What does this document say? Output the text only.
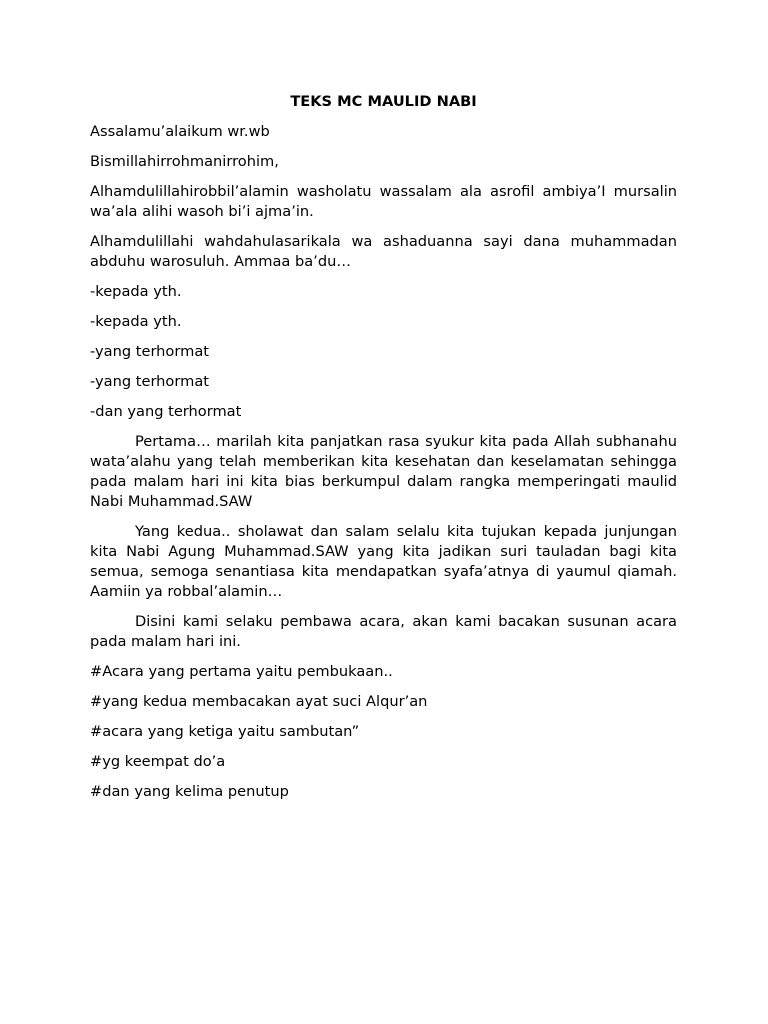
TEKS MC MAULID NABI
Assalamu’alaikum wr.wb
Bismillahirrohmanirrohim,
Alhamdulillahirobbil’alamin washolatu wassalam ala asrofil ambiya’I mursalin wa’ala alihi wasoh bi’i ajma’in.
Alhamdulillahi wahdahulasarikala wa ashaduanna sayi dana muhammadan abduhu warosuluh. Ammaa ba’du…
-kepada yth.
-kepada yth.
-yang terhormat
-yang terhormat
-dan yang terhormat
Pertama… marilah kita panjatkan rasa syukur kita pada Allah subhanahu wata’alahu yang telah memberikan kita kesehatan dan keselamatan sehingga pada malam hari ini kita bias berkumpul dalam rangka memperingati maulid Nabi Muhammad.SAW
Yang kedua.. sholawat dan salam selalu kita tujukan kepada junjungan kita Nabi Agung Muhammad.SAW yang kita jadikan suri tauladan bagi kita semua, semoga senantiasa kita mendapatkan syafa’atnya di yaumul qiamah. Aamiin ya robbal’alamin…
Disini kami selaku pembawa acara, akan kami bacakan susunan acara pada malam hari ini.
#Acara yang pertama yaitu pembukaan..
#yang kedua membacakan ayat suci Alqur’an
#acara yang ketiga yaitu sambutan”
#yg keempat do’a
#dan yang kelima penutup
